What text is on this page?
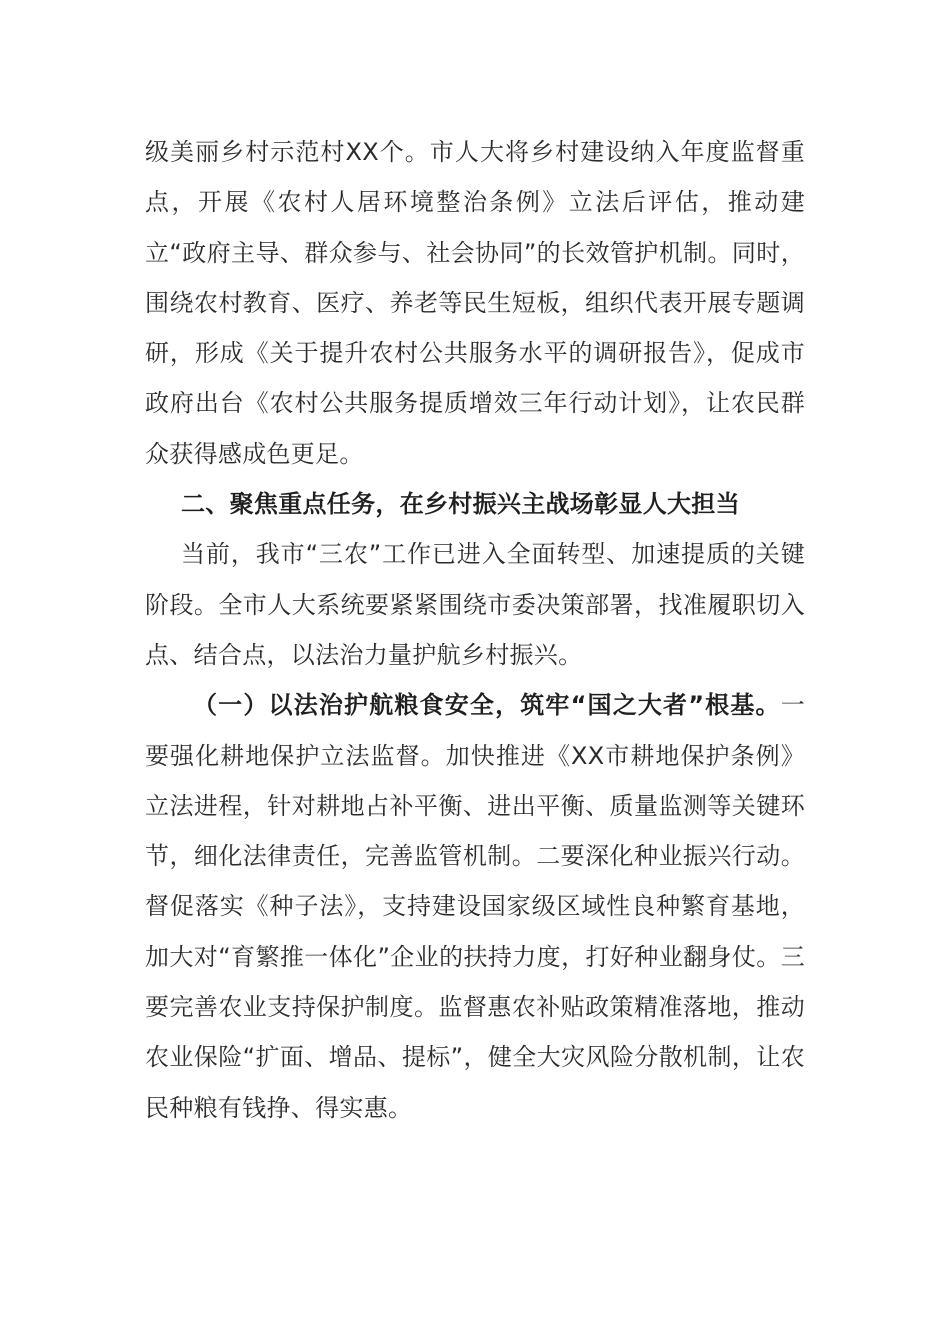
级美丽乡村示范村XX个。市人大将乡村建设纳入年度监督重点，开展《农村人居环境整治条例》立法后评估，推动建立“政府主导、群众参与、社会协同”的长效管护机制。同时，围绕农村教育、医疗、养老等民生短板，组织代表开展专题调研，形成《关于提升农村公共服务水平的调研报告》，促成市政府出台《农村公共服务提质增效三年行动计划》，让农民群众获得感成色更足。

二、聚焦重点任务，在乡村振兴主战场彰显人大担当

当前，我市“三农”工作已进入全面转型、加速提质的关键阶段。全市人大系统要紧紧围绕市委决策部署，找准履职切入点、结合点，以法治力量护航乡村振兴。

（一）以法治护航粮食安全，筑牢“国之大者”根基。一要强化耕地保护立法监督。加快推进《XX市耕地保护条例》立法进程，针对耕地占补平衡、进出平衡、质量监测等关键环节，细化法律责任，完善监管机制。二要深化种业振兴行动。督促落实《种子法》，支持建设国家级区域性良种繁育基地，加大对“育繁推一体化”企业的扶持力度，打好种业翻身仗。三要完善农业支持保护制度。监督惠农补贴政策精准落地，推动农业保险“扩面、增品、提标”，健全大灾风险分散机制，让农民种粮有钱挣、得实惠。
